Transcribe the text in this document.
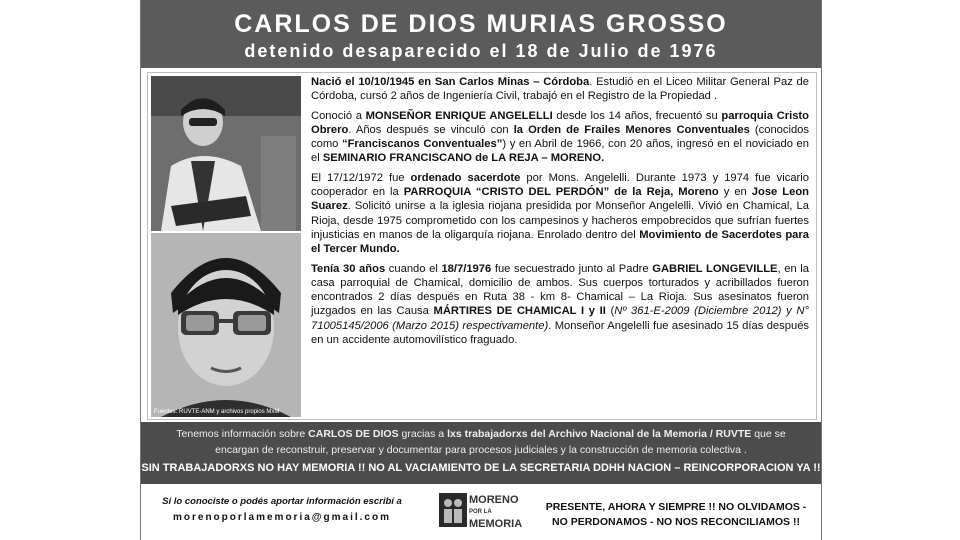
CARLOS DE DIOS MURIAS GROSSO
detenido desaparecido el 18 de Julio de 1976
Fuentes: RUVTE-ANM y archivos propios MxM

Nació el 10/10/1945 en San Carlos Minas – Córdoba. Estudió en el Liceo Militar General Paz de Córdoba, cursó 2 años de Ingeniería Civil, trabajó en el Registro de la Propiedad .

Conoció a MONSEÑOR ENRIQUE ANGELELLI desde los 14 años, frecuentó su parroquia Cristo Obrero. Años después se vinculó con la Orden de Frailes Menores Conventuales (conocidos como “Franciscanos Conventuales”) y en Abril de 1966, con 20 años, ingresó en el noviciado en el SEMINARIO FRANCISCANO de LA REJA – MORENO.

El 17/12/1972 fue ordenado sacerdote por Mons. Angelelli. Durante 1973 y 1974 fue vicario cooperador en la PARROQUIA “CRISTO DEL PERDÓN” de la Reja, Moreno y en Jose Leon Suarez. Solicitó unirse a la iglesia riojana presidida por Monseñor Angelelli. Vivió en Chamical, La Rioja, desde 1975 comprometido con los campesinos y hacheros empobrecidos que sufrían fuertes injusticias en manos de la oligarquía riojana. Enrolado dentro del Movimiento de Sacerdotes para el Tercer Mundo.

Tenía 30 años cuando el 18/7/1976 fue secuestrado junto al Padre GABRIEL LONGEVILLE, en la casa parroquial de Chamical, domicilio de ambos. Sus cuerpos torturados y acribillados fueron encontrados 2 días después en Ruta 38 - km 8- Chamical – La Rioja. Sus asesinatos fueron juzgados en las Causa MÁRTIRES DE CHAMICAL I y II (Nº 361-E-2009 (Diciembre 2012) y N° 71005145/2006 (Marzo 2015) respectivamente). Monseñor Angelelli fue asesinado 15 días después en un accidente automovilístico fraguado.

Tenemos información sobre CARLOS DE DIOS gracias a lxs trabajadorxs del Archivo Nacional de la Memoria / RUVTE que se
encargan de reconstruir, preservar y documentar para procesos judiciales y la construcción de memoria colectiva .
SIN TRABAJADORXS NO HAY MEMORIA !! NO AL VACIAMIENTO DE LA SECRETARIA DDHH NACION – REINCORPORACION YA !!
Si lo conociste o podés aportar información escribí a
morenoporlamemoria@gmail.com
MORENO
POR LA
MEMORIA
PRESENTE, AHORA Y SIEMPRE !! NO OLVIDAMOS -
NO PERDONAMOS - NO NOS RECONCILIAMOS !!
